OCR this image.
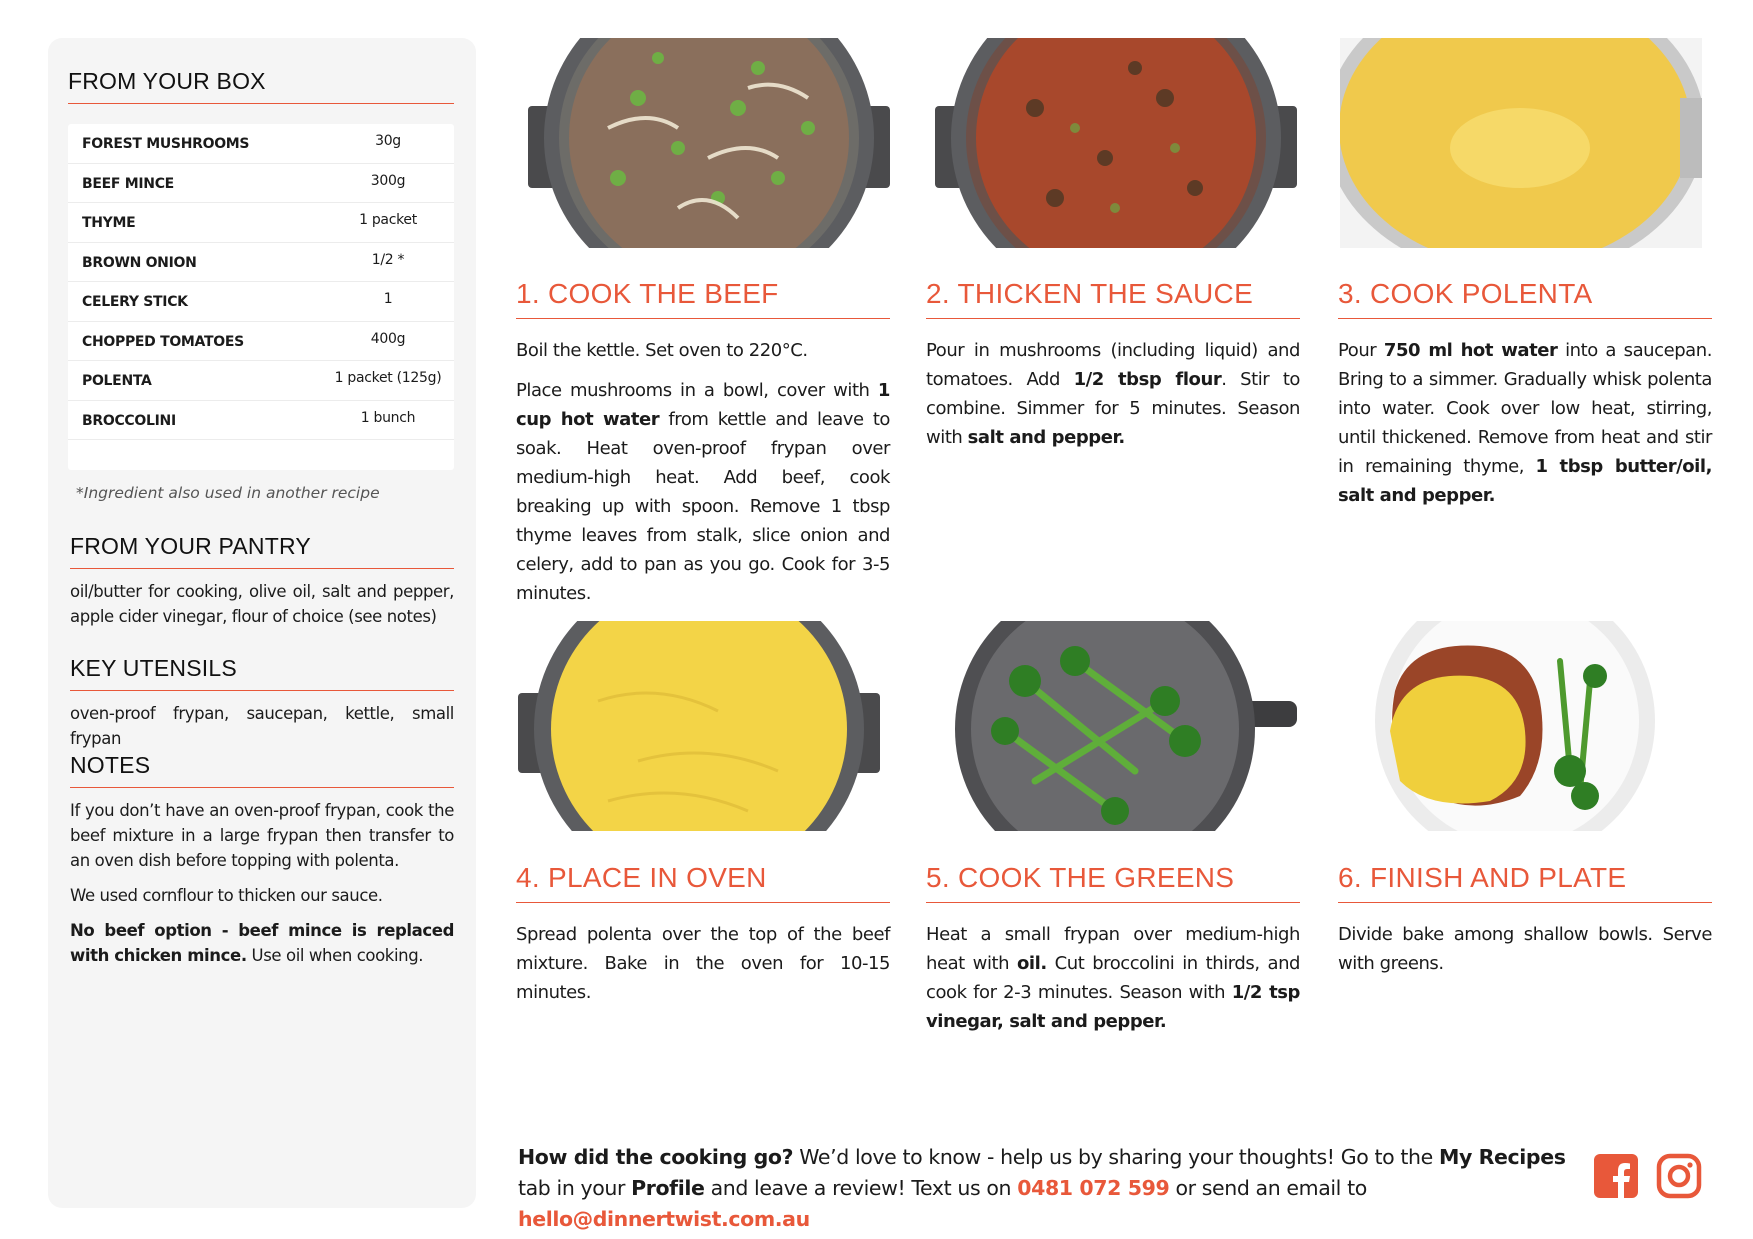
FROM YOUR BOX
FOREST MUSHROOMS	30g
BEEF MINCE	300g
THYME	1 packet
BROWN ONION	1/2 *
CELERY STICK	1
CHOPPED TOMATOES	400g
POLENTA	1 packet (125g)
BROCCOLINI	1 bunch
*Ingredient also used in another recipe
FROM YOUR PANTRY
oil/butter for cooking, olive oil, salt and pepper, apple cider vinegar, flour of choice (see notes)
KEY UTENSILS
oven-proof frypan, saucepan, kettle, small frypan
NOTES

If you don’t have an oven-proof frypan, cook the beef mixture in a large frypan then transfer to an oven dish before topping with polenta.

We used cornflour to thicken our sauce.

No beef option - beef mince is replaced with chicken mince. Use oil when cooking.

1. COOK THE BEEF	2. THICKEN THE SAUCE	3. COOK POLENTA
4. PLACE IN OVEN	5. COOK THE GREENS	6. FINISH AND PLATE

Boil the kettle. Set oven to 220°C.

Place mushrooms in a bowl, cover with 1 cup hot water from kettle and leave to soak. Heat oven-proof frypan over medium-high heat. Add beef, cook breaking up with spoon. Remove 1 tbsp thyme leaves from stalk, slice onion and celery, add to pan as you go. Cook for 3-5 minutes.

Pour in mushrooms (including liquid) and tomatoes. Add 1/2 tbsp flour. Stir to combine. Simmer for 5 minutes. Season with salt and pepper.

Pour 750 ml hot water into a saucepan. Bring to a simmer. Gradually whisk polenta into water. Cook over low heat, stirring, until thickened. Remove from heat and stir in remaining thyme, 1 tbsp butter/oil, salt and pepper.

Spread polenta over the top of the beef mixture. Bake in the oven for 10-15 minutes.

Heat a small frypan over medium-high heat with oil. Cut broccolini in thirds, and cook for 2-3 minutes. Season with 1/2 tsp vinegar, salt and pepper.

Divide bake among shallow bowls. Serve with greens.

How did the cooking go? We’d love to know - help us by sharing your thoughts! Go to the My Recipes tab in your Profile and leave a review! Text us on 0481 072 599 or send an email to hello@dinnertwist.com.au
